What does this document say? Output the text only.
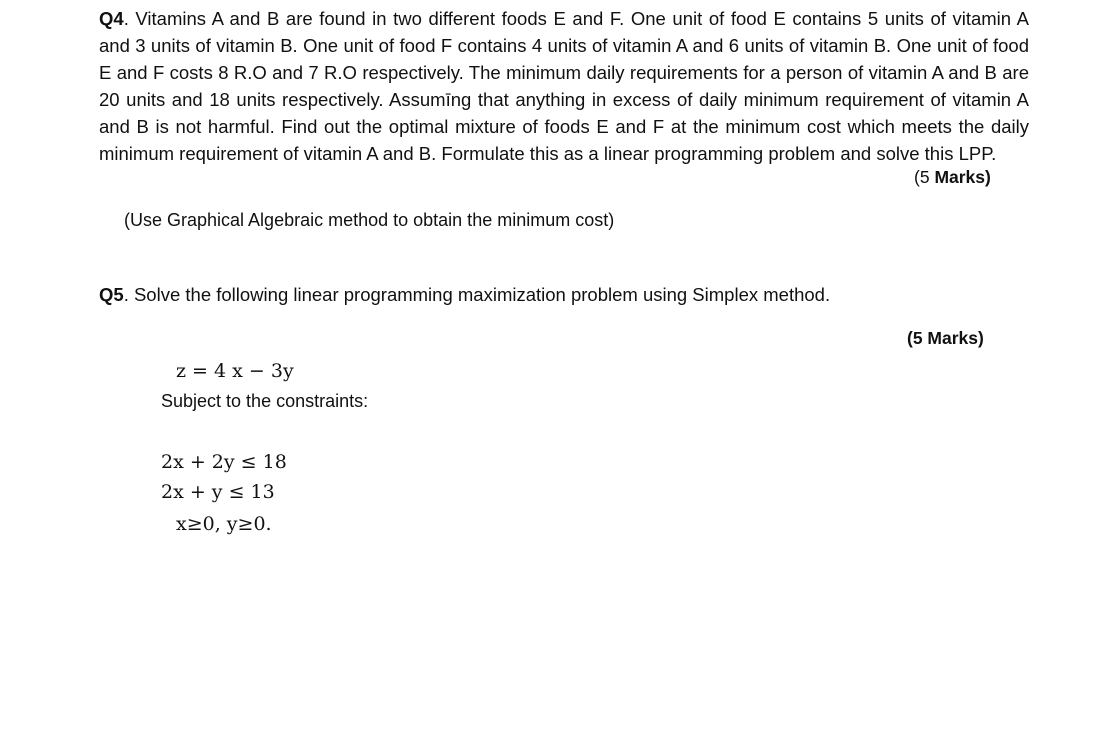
Q4. Vitamins A and B are found in two different foods E and F. One unit of food E contains 5 units of vitamin A and 3 units of vitamin B. One unit of food F contains 4 units of vitamin A and 6 units of vitamin B. One unit of food E and F costs 8 R.O and 7 R.O respectively. The minimum daily requirements for a person of vitamin A and B are 20 units and 18 units respectively. Assumīng that anything in excess of daily minimum requirement of vitamin A and B is not harmful. Find out the optimal mixture of foods E and F at the minimum cost which meets the daily minimum requirement of vitamin A and B. Formulate this as a linear programming problem and solve this LPP.
(5 Marks)
(Use Graphical Algebraic method to obtain the minimum cost)
Q5. Solve the following linear programming maximization problem using Simplex method.
(5 Marks)
z = 4 x − 3y
Subject to the constraints:
2x + 2y ≤ 18
2x + y ≤ 13
x≥0, y≥0.
